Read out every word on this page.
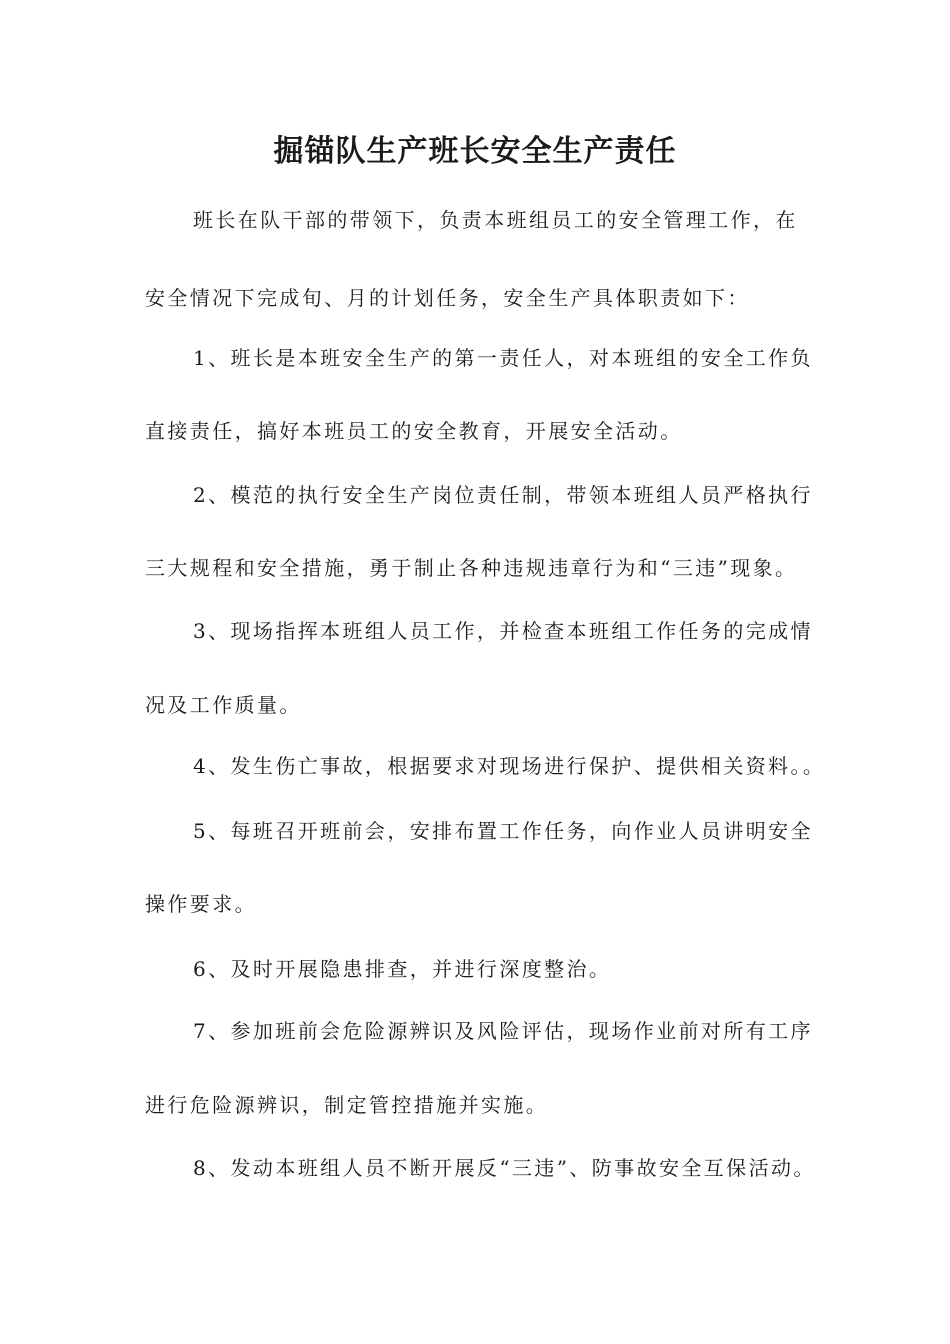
掘锚队生产班长安全生产责任

班长在队干部的带领下，负责本班组员工的安全管理工作，在

安全情况下完成旬、月的计划任务，安全生产具体职责如下：

1、班长是本班安全生产的第一责任人，对本班组的安全工作负

直接责任，搞好本班员工的安全教育，开展安全活动。

2、模范的执行安全生产岗位责任制，带领本班组人员严格执行

三大规程和安全措施，勇于制止各种违规违章行为和“三违”现象。

3、现场指挥本班组人员工作，并检查本班组工作任务的完成情

况及工作质量。

4、发生伤亡事故，根据要求对现场进行保护、提供相关资料。。

5、每班召开班前会，安排布置工作任务，向作业人员讲明安全

操作要求。

6、及时开展隐患排查，并进行深度整治。

7、参加班前会危险源辨识及风险评估，现场作业前对所有工序

进行危险源辨识，制定管控措施并实施。

8、发动本班组人员不断开展反“三违”、防事故安全互保活动。
